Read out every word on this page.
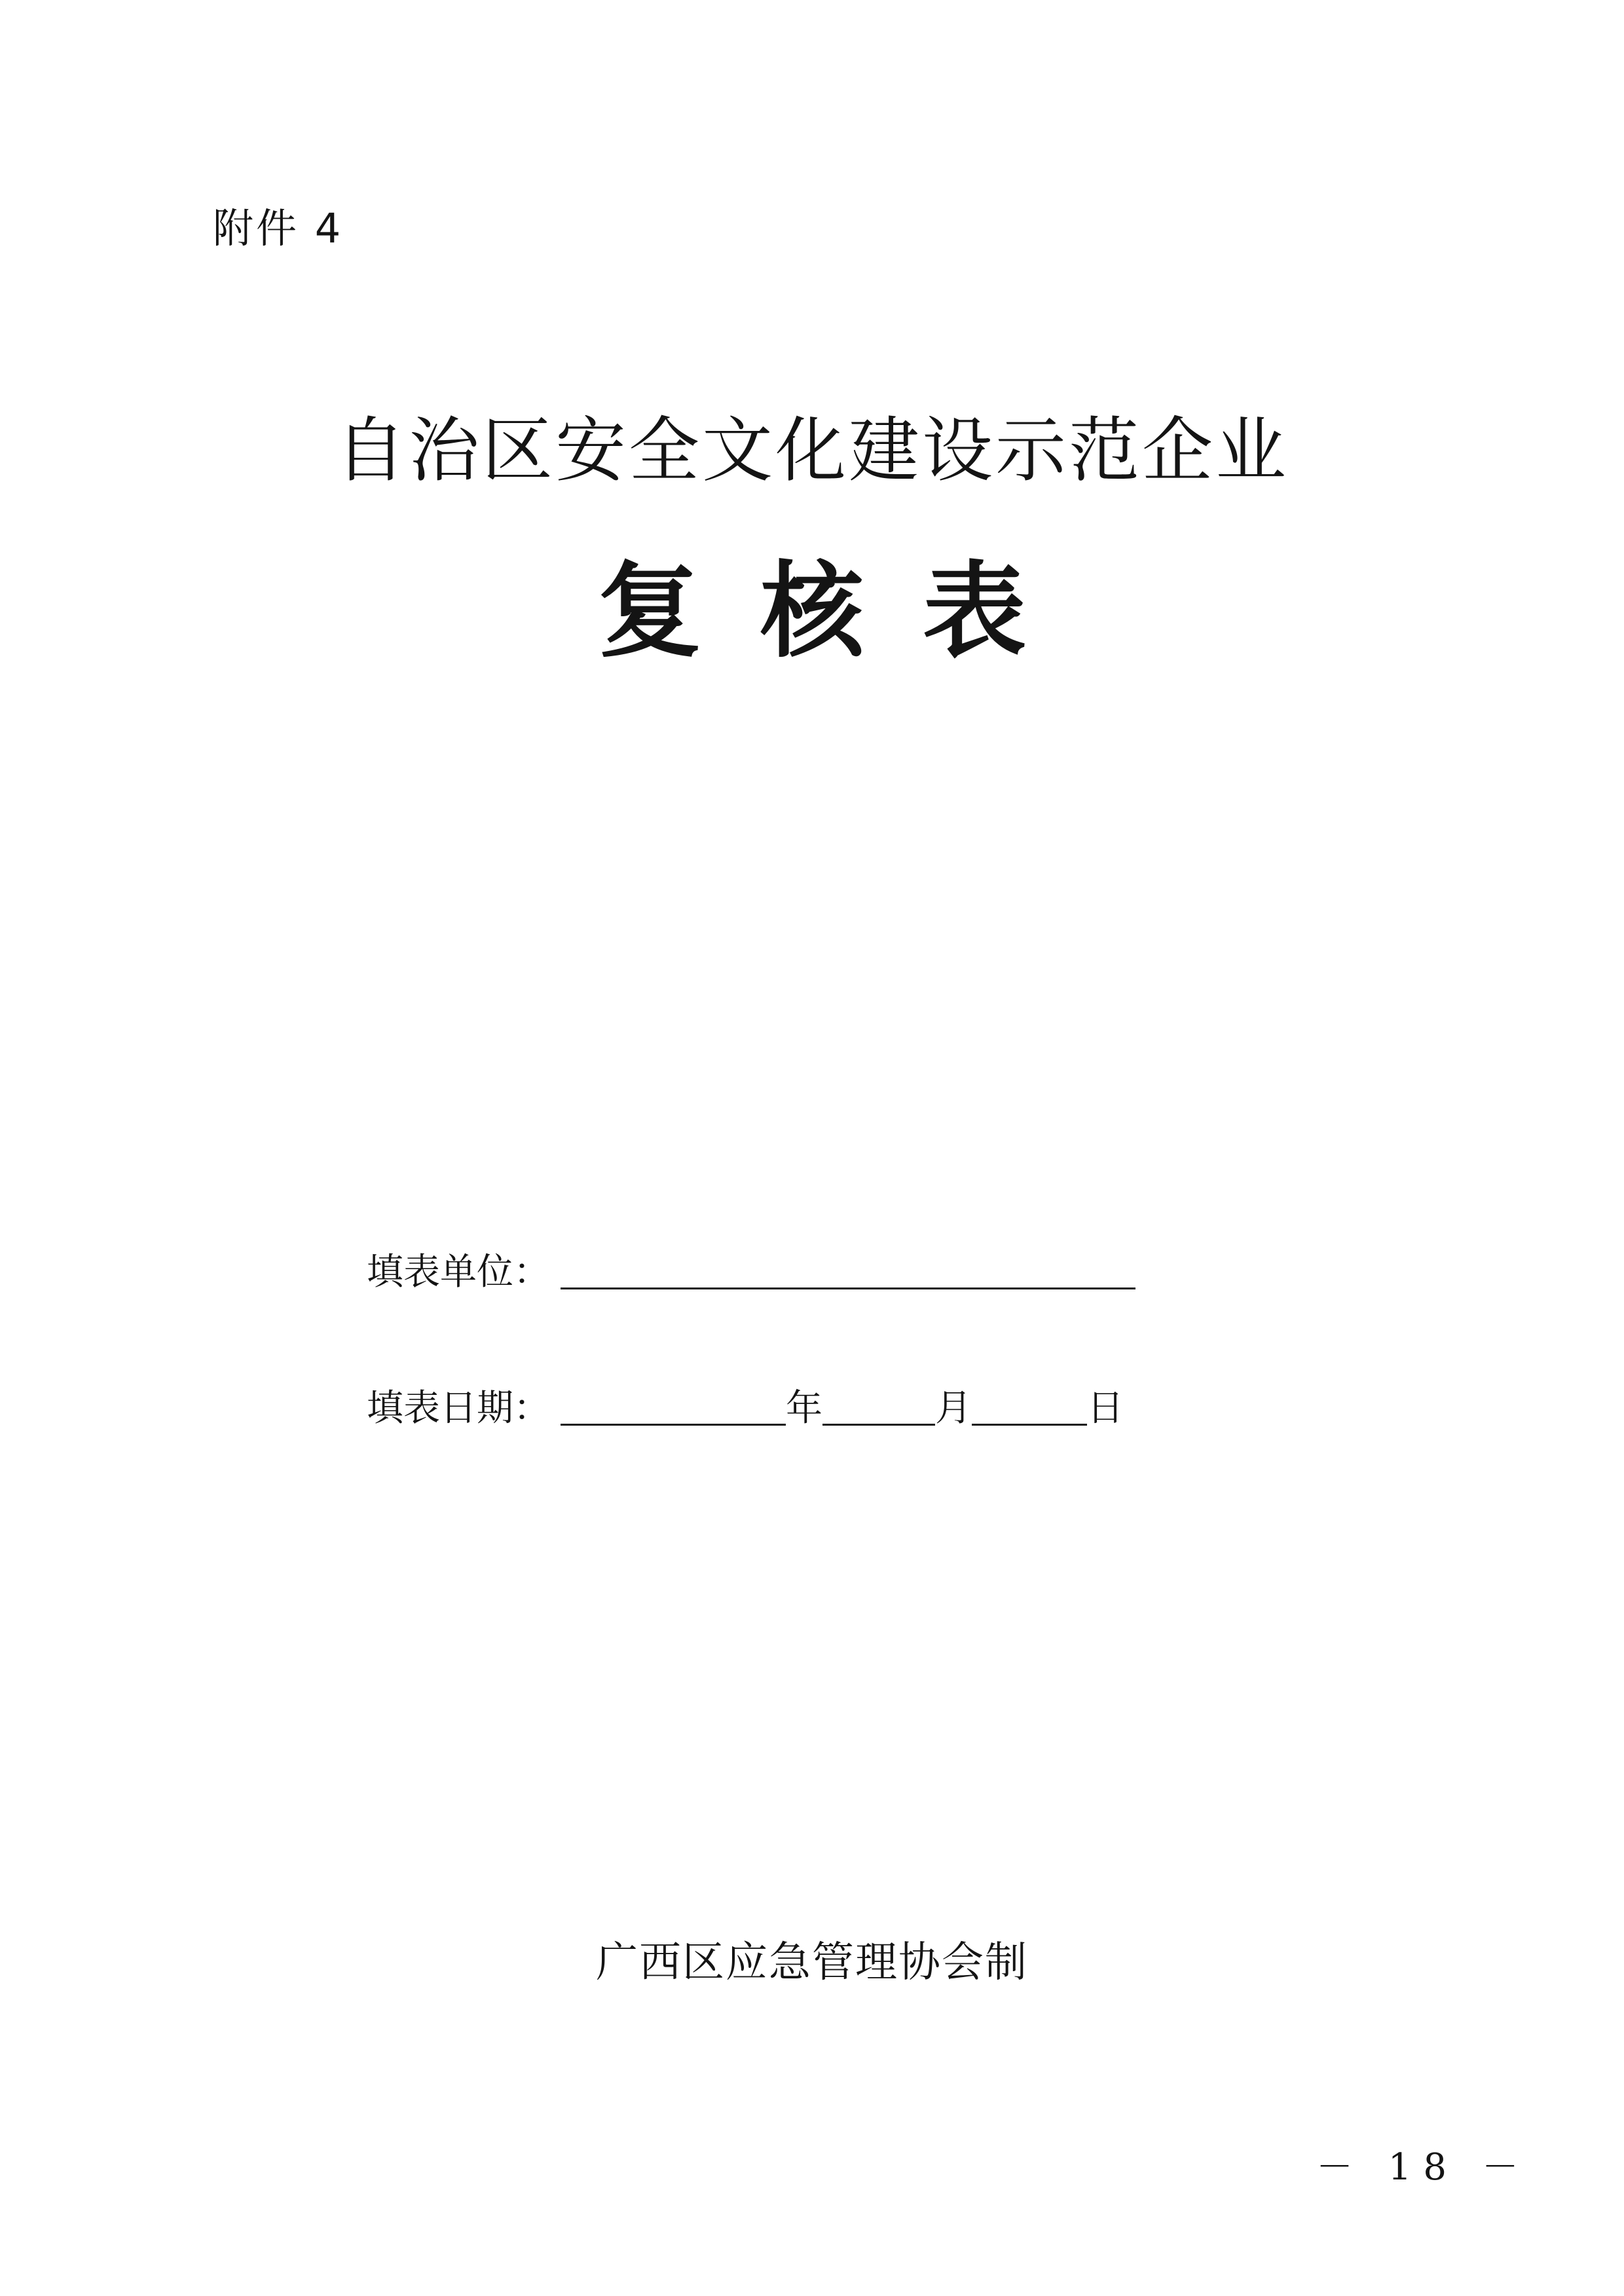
附件 4
自治区安全文化建设示范企业
复核表
填表单位：
填表日期：	年	月	日
广西区应急管理协会制
－ 18 －
